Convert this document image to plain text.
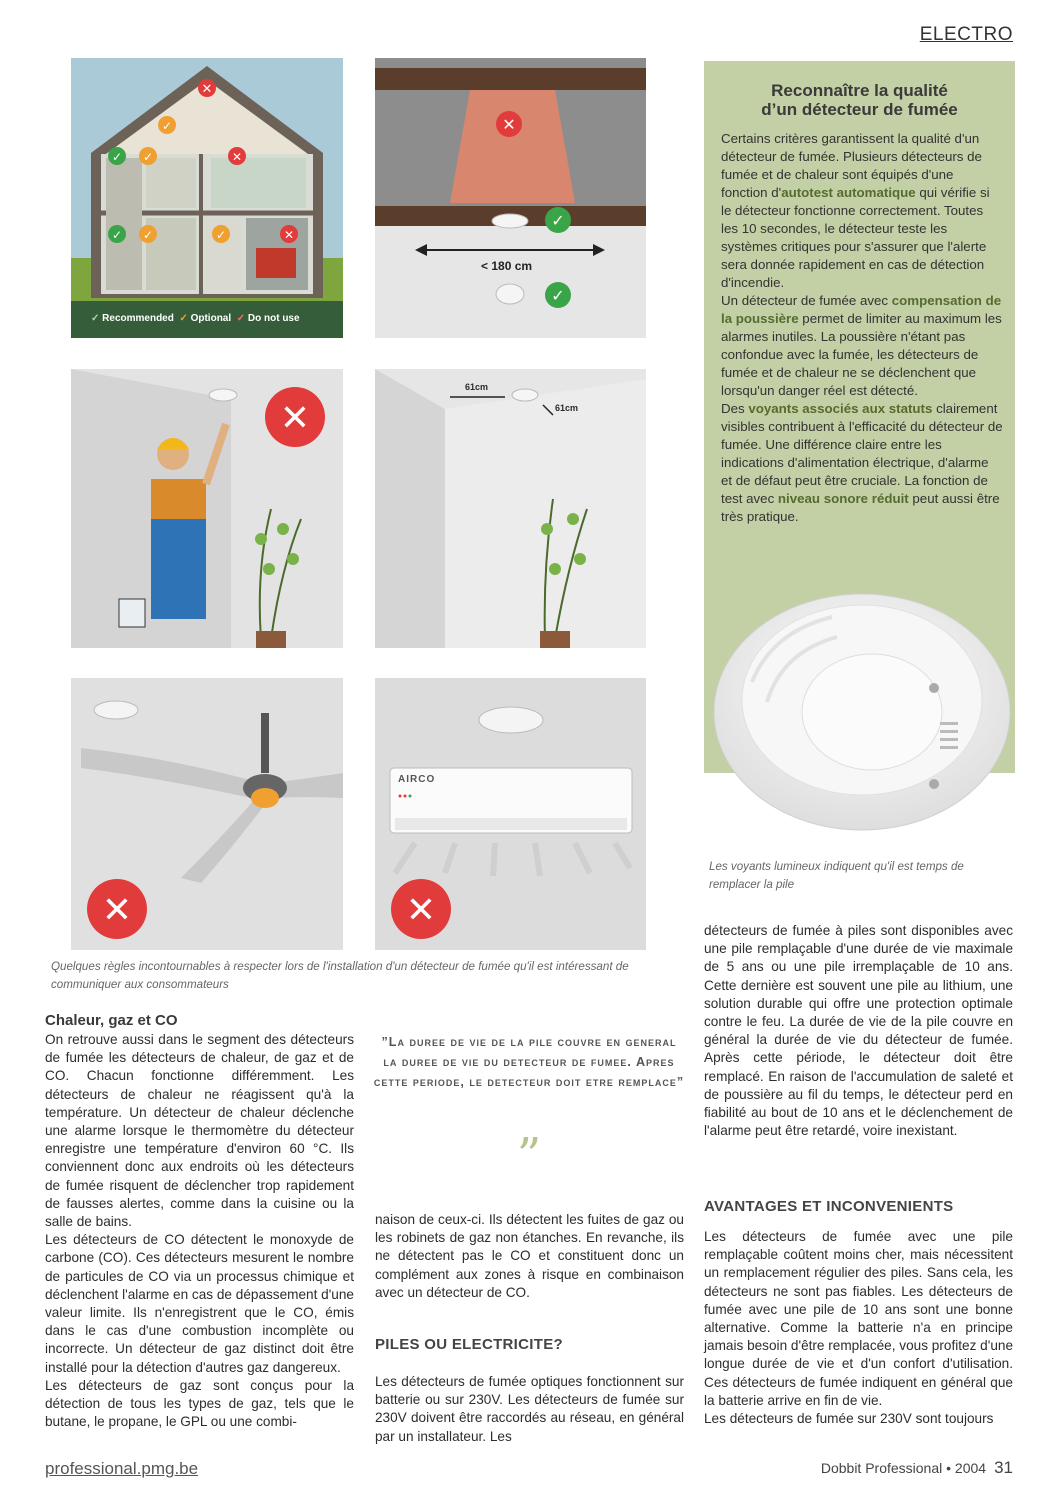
ELECTRO
✕
✓
✓ ✓	✕
✓ ✓	✓	✕
✓ Recommended ✓ Optional ✓ Do not use
✕
✓
✓
< 180 cm
✕
61cm
61cm
✕	✕
AIRCO
Reconnaître la qualité
d’un détecteur de fumée

Certains critères garantissent la qualité d'un détecteur de fumée. Plusieurs détecteurs de fumée et de chaleur sont équipés d'une fonction d'autotest automatique qui vérifie si le détecteur fonctionne correctement. Toutes les 10 secondes, le détecteur teste les systèmes critiques pour s'assurer que l'alerte sera donnée rapidement en cas de détection d'incendie.

Un détecteur de fumée avec compensation de la poussière permet de limiter au maximum les alarmes inutiles. La poussière n'étant pas confondue avec la fumée, les détecteurs de fumée et de chaleur ne se déclenchent que lorsqu'un danger réel est détecté.

Des voyants associés aux statuts clairement visibles contribuent à l'efficacité du détecteur de fumée. Une différence claire entre les indications d'alimentation électrique, d'alarme et de défaut peut être cruciale. La fonction de test avec niveau sonore réduit peut aussi être très pratique.

Les voyants lumineux indiquent qu'il est temps de remplacer la pile
Quelques règles incontournables à respecter lors de l'installation d'un détecteur de fumée qu'il est intéressant de communiquer aux consommateurs
Chaleur, gaz et CO

On retrouve aussi dans le segment des détecteurs de fumée les détecteurs de chaleur, de gaz et de CO. Chacun fonctionne différemment. Les détecteurs de chaleur ne réagissent qu'à la température. Un détecteur de chaleur déclenche une alarme lorsque le thermomètre du détecteur enregistre une température d'environ 60 °C. Ils conviennent donc aux endroits où les détecteurs de fumée risquent de déclencher trop rapidement de fausses alertes, comme dans la cuisine ou la salle de bains.

Les détecteurs de CO détectent le monoxyde de carbone (CO). Ces détecteurs mesurent le nombre de particules de CO via un processus chimique et déclenchent l'alarme en cas de dépassement d'une valeur limite. Ils n'enregistrent que le CO, émis dans le cas d'une combustion incomplète ou incorrecte. Un détecteur de gaz distinct doit être installé pour la détection d'autres gaz dangereux.

Les détecteurs de gaz sont conçus pour la détection de tous les types de gaz, tels que le butane, le propane, le GPL ou une combi-

”La duree de vie de la pile couvre en general la duree de vie du detecteur de fumee. Apres cette periode, le detecteur doit etre remplace”
”

naison de ceux-ci. Ils détectent les fuites de gaz ou les robinets de gaz non étanches. En revanche, ils ne détectent pas le CO et constituent donc un complément aux zones à risque en combinaison avec un détecteur de CO.

PILES OU ELECTRICITE?

Les détecteurs de fumée optiques fonctionnent sur batterie ou sur 230V. Les détecteurs de fumée sur 230V doivent être raccordés au réseau, en général par un installateur. Les

détecteurs de fumée à piles sont disponibles avec une pile remplaçable d'une durée de vie maximale de 5 ans ou une pile irremplaçable de 10 ans. Cette dernière est souvent une pile au lithium, une solution durable qui offre une protection optimale contre le feu. La durée de vie de la pile couvre en général la durée de vie du détecteur de fumée. Après cette période, le détecteur doit être remplacé. En raison de l'accumulation de saleté et de poussière au fil du temps, le détecteur perd en fiabilité au bout de 10 ans et le déclenchement de l'alarme peut être retardé, voire inexistant.

AVANTAGES ET INCONVENIENTS

Les détecteurs de fumée avec une pile remplaçable coûtent moins cher, mais nécessitent un remplacement régulier des piles. Sans cela, les détecteurs ne sont pas fiables. Les détecteurs de fumée avec une pile de 10 ans sont une bonne alternative. Comme la batterie n'a en principe jamais besoin d'être remplacée, vous profitez d'une longue durée de vie et d'un confort d'utilisation. Ces détecteurs de fumée indiquent en général que la batterie arrive en fin de vie.

Les détecteurs de fumée sur 230V sont toujours

professional.pmg.be	Dobbit Professional • 2004 31
